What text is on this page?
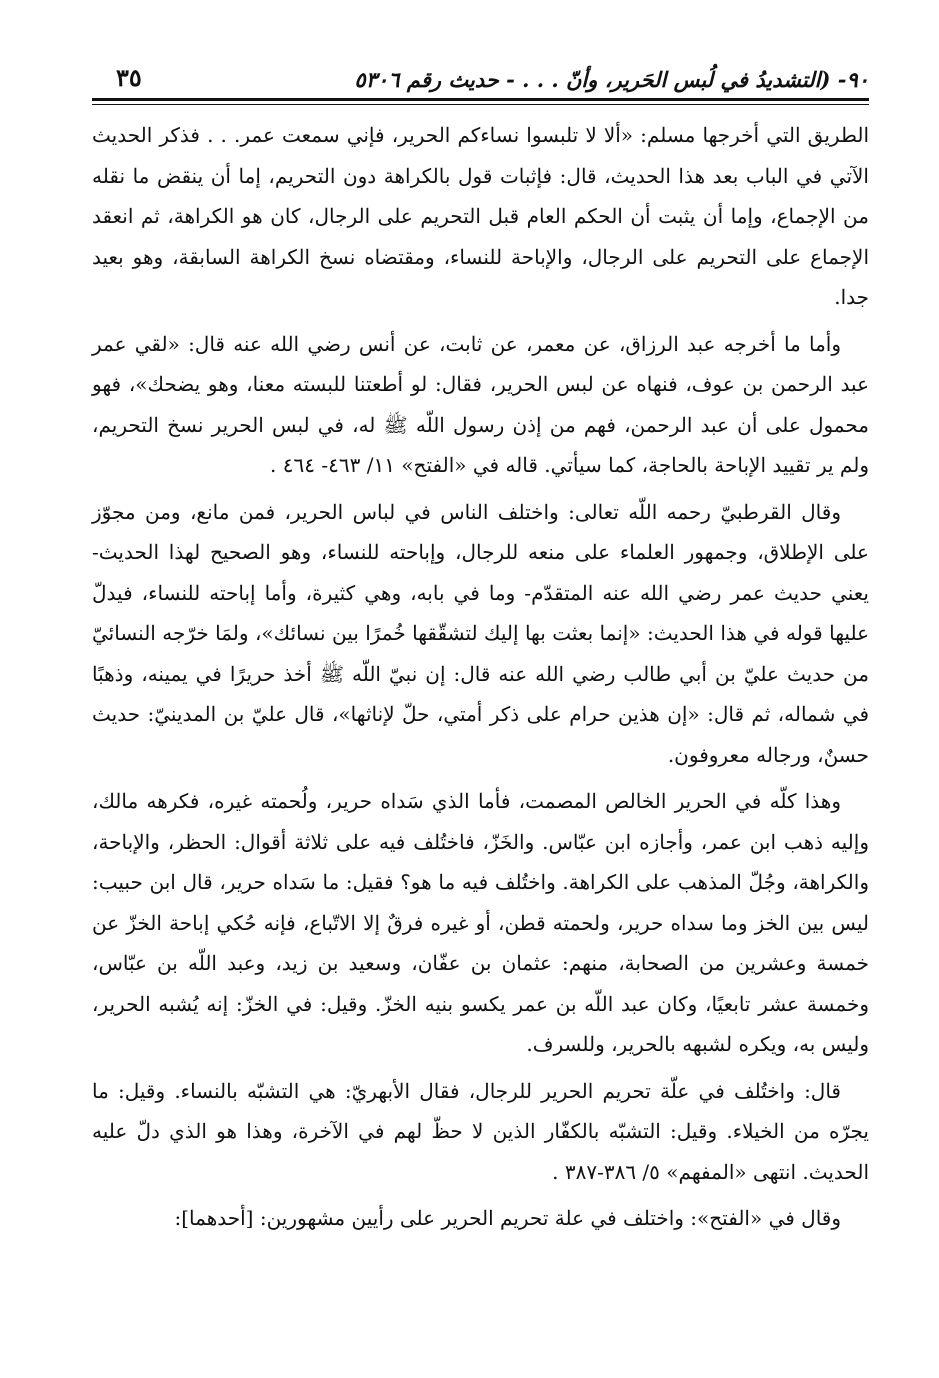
٩٠- (التشديدُ في لُبس الحَرير، وأنّ . . . - حديث رقم ٥٣٠٦
٣٥

الطريق التي أخرجها مسلم: «ألا لا تلبسوا نساءكم الحرير، فإني سمعت عمر. . . فذكر الحديث الآتي في الباب بعد هذا الحديث، قال: فإثبات قول بالكراهة دون التحريم، إما أن ينقض ما نقله من الإجماع، وإما أن يثبت أن الحكم العام قبل التحريم على الرجال، كان هو الكراهة، ثم انعقد الإجماع على التحريم على الرجال، والإباحة للنساء، ومقتضاه نسخ الكراهة السابقة، وهو بعيد جدا.

وأما ما أخرجه عبد الرزاق، عن معمر، عن ثابت، عن أنس رضي الله عنه قال: «لقي عمر عبد الرحمن بن عوف، فنهاه عن لبس الحرير، فقال: لو أطعتنا للبسته معنا، وهو يضحك»، فهو محمول على أن عبد الرحمن، فهم من إذن رسول اللّه ﷺ له، في لبس الحرير نسخ التحريم، ولم ير تقييد الإباحة بالحاجة، كما سيأتي. قاله في «الفتح» ١١/ ٤٦٣- ٤٦٤ .

وقال القرطبيّ رحمه اللّه تعالى: واختلف الناس في لباس الحرير، فمن مانع، ومن مجوّز على الإطلاق، وجمهور العلماء على منعه للرجال، وإباحته للنساء، وهو الصحيح لهذا الحديث- يعني حديث عمر رضي الله عنه المتقدّم- وما في بابه، وهي كثيرة، وأما إباحته للنساء، فيدلّ عليها قوله في هذا الحديث: «إنما بعثت بها إليك لتشقّقها خُمرًا بين نسائك»، ولمَا خرّجه النسائيّ من حديث عليّ بن أبي طالب رضي الله عنه قال: إن نبيّ اللّه ﷺ أخذ حريرًا في يمينه، وذهبًا في شماله، ثم قال: «إن هذين حرام على ذكر أمتي، حلّ لإناثها»، قال عليّ بن المدينيّ: حديث حسنٌ، ورجاله معروفون.

وهذا كلّه في الحرير الخالص المصمت، فأما الذي سَداه حرير، ولُحمته غيره، فكرهه مالك، وإليه ذهب ابن عمر، وأجازه ابن عبّاس. والخَزّ، فاختُلف فيه على ثلاثة أقوال: الحظر، والإباحة، والكراهة، وجُلّ المذهب على الكراهة. واختُلف فيه ما هو؟ فقيل: ما سَداه حرير، قال ابن حبيب: ليس بين الخز وما سداه حرير، ولحمته قطن، أو غيره فرقٌ إلا الاتّباع، فإنه حُكي إباحة الخزّ عن خمسة وعشرين من الصحابة، منهم: عثمان بن عفّان، وسعيد بن زيد، وعبد اللّه بن عبّاس، وخمسة عشر تابعيًا، وكان عبد اللّه بن عمر يكسو بنيه الخزّ. وقيل: في الخزّ: إنه يُشبه الحرير، وليس به، ويكره لشبهه بالحرير، وللسرف.

قال: واختُلف في علّة تحريم الحرير للرجال، فقال الأبهريّ: هي التشبّه بالنساء. وقيل: ما يجرّه من الخيلاء. وقيل: التشبّه بالكفّار الذين لا حظّ لهم في الآخرة، وهذا هو الذي دلّ عليه الحديث. انتهى «المفهم» ٥/ ٣٨٦-٣٨٧ .

وقال في «الفتح»: واختلف في علة تحريم الحرير على رأيين مشهورين: [أحدهما]:
